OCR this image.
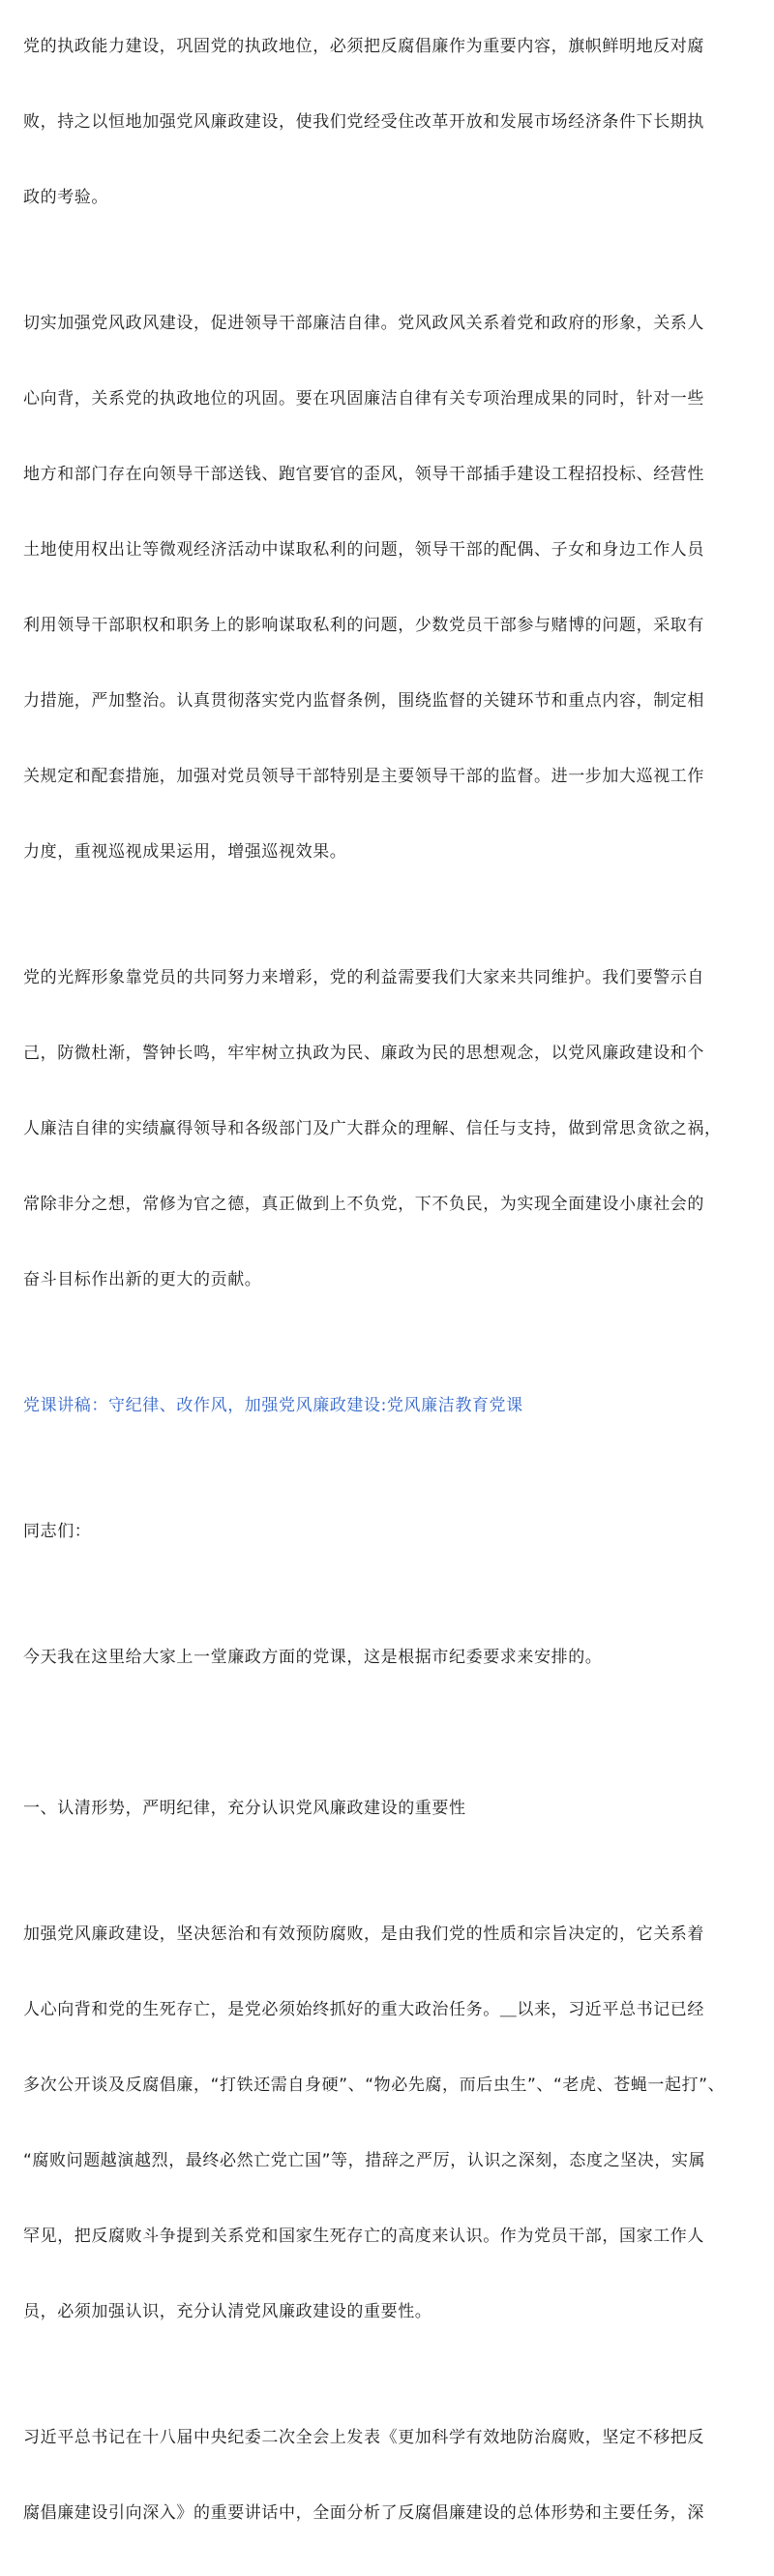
党的执政能力建设，巩固党的执政地位，必须把反腐倡廉作为重要内容，旗帜鲜明地反对腐

败，持之以恒地加强党风廉政建设，使我们党经受住改革开放和发展市场经济条件下长期执

政的考验。

切实加强党风政风建设，促进领导干部廉洁自律。党风政风关系着党和政府的形象，关系人

心向背，关系党的执政地位的巩固。要在巩固廉洁自律有关专项治理成果的同时，针对一些

地方和部门存在向领导干部送钱、跑官要官的歪风，领导干部插手建设工程招投标、经营性

土地使用权出让等微观经济活动中谋取私利的问题，领导干部的配偶、子女和身边工作人员

利用领导干部职权和职务上的影响谋取私利的问题，少数党员干部参与赌博的问题，采取有

力措施，严加整治。认真贯彻落实党内监督条例，围绕监督的关键环节和重点内容，制定相

关规定和配套措施，加强对党员领导干部特别是主要领导干部的监督。进一步加大巡视工作

力度，重视巡视成果运用，增强巡视效果。

党的光辉形象靠党员的共同努力来增彩，党的利益需要我们大家来共同维护。我们要警示自

己，防微杜渐，警钟长鸣，牢牢树立执政为民、廉政为民的思想观念，以党风廉政建设和个

人廉洁自律的实绩赢得领导和各级部门及广大群众的理解、信任与支持，做到常思贪欲之祸，

常除非分之想，常修为官之德，真正做到上不负党，下不负民，为实现全面建设小康社会的

奋斗目标作出新的更大的贡献。

党课讲稿：守纪律、改作风，加强党风廉政建设:党风廉洁教育党课

同志们：

今天我在这里给大家上一堂廉政方面的党课，这是根据市纪委要求来安排的。

一、认清形势，严明纪律，充分认识党风廉政建设的重要性

加强党风廉政建设，坚决惩治和有效预防腐败，是由我们党的性质和宗旨决定的，它关系着

人心向背和党的生死存亡，是党必须始终抓好的重大政治任务。＿以来，习近平总书记已经

多次公开谈及反腐倡廉，“打铁还需自身硬”、“物必先腐，而后虫生”、“老虎、苍蝇一起打”、

“腐败问题越演越烈，最终必然亡党亡国”等，措辞之严厉，认识之深刻，态度之坚决，实属

罕见，把反腐败斗争提到关系党和国家生死存亡的高度来认识。作为党员干部，国家工作人

员，必须加强认识，充分认清党风廉政建设的重要性。

习近平总书记在十八届中央纪委二次全会上发表《更加科学有效地防治腐败，坚定不移把反

腐倡廉建设引向深入》的重要讲话中，全面分析了反腐倡廉建设的总体形势和主要任务，深
